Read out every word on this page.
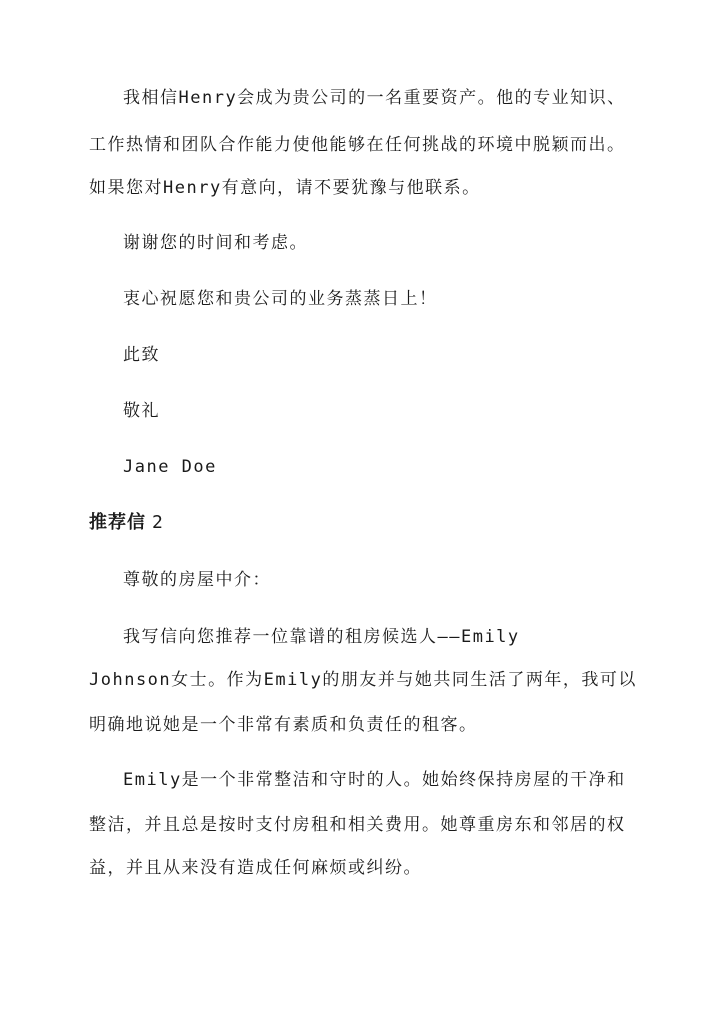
我相信Henry会成为贵公司的一名重要资产。他的专业知识、
工作热情和团队合作能力使他能够在任何挑战的环境中脱颖而出。
如果您对Henry有意向，请不要犹豫与他联系。
谢谢您的时间和考虑。
衷心祝愿您和贵公司的业务蒸蒸日上！
此致
敬礼
Jane Doe
推荐信 2
尊敬的房屋中介：
我写信向您推荐一位靠谱的租房候选人——Emily
Johnson女士。作为Emily的朋友并与她共同生活了两年，我可以
明确地说她是一个非常有素质和负责任的租客。
Emily是一个非常整洁和守时的人。她始终保持房屋的干净和
整洁，并且总是按时支付房租和相关费用。她尊重房东和邻居的权
益，并且从来没有造成任何麻烦或纠纷。
